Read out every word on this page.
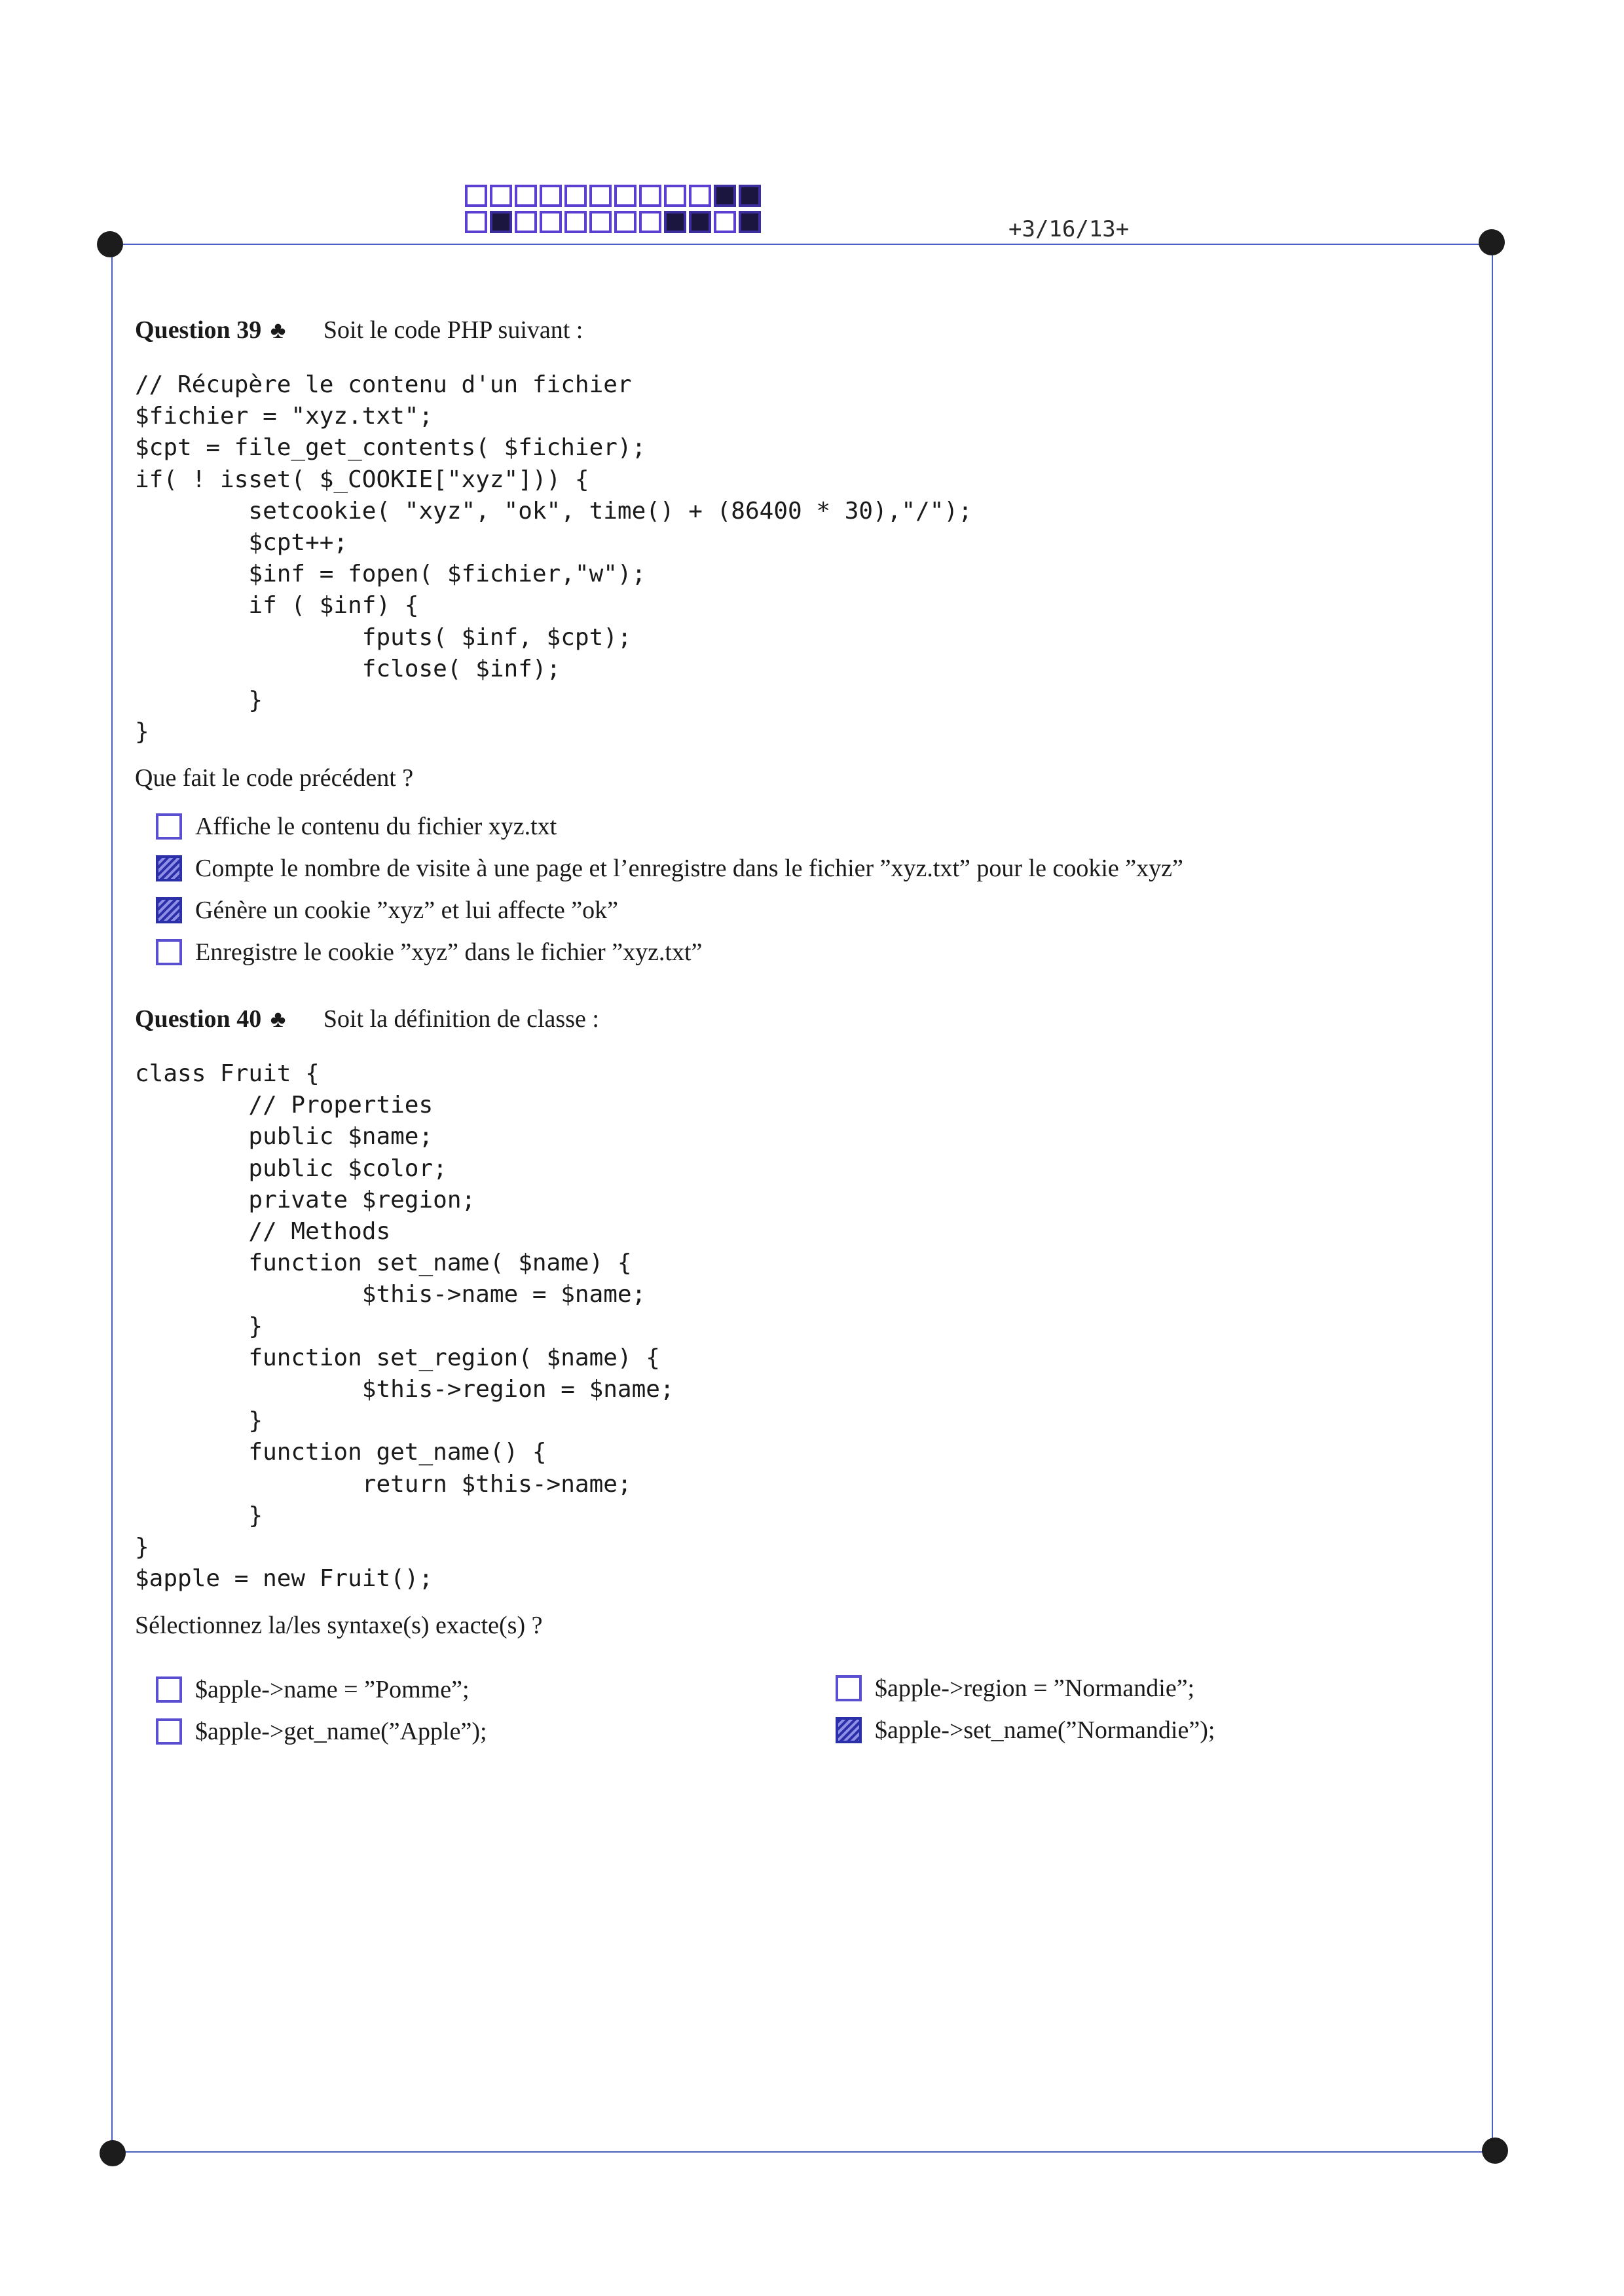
+3/16/13+
Question 39 ♣ Soit le code PHP suivant :
// Récupère le contenu d'un fichier
$fichier = "xyz.txt";
$cpt = file_get_contents( $fichier);
if( ! isset( $_COOKIE["xyz"])) {
setcookie( "xyz", "ok", time() + (86400 * 30),"/");
$cpt++;
$inf = fopen( $fichier,"w");
if ( $inf) {
fputs( $inf, $cpt);
fclose( $inf);
}
}
Que fait le code précédent ?
Affiche le contenu du fichier xyz.txt
Compte le nombre de visite à une page et l’enregistre dans le fichier ”xyz.txt” pour le cookie ”xyz”
Génère un cookie ”xyz” et lui affecte ”ok”
Enregistre le cookie ”xyz” dans le fichier ”xyz.txt”
Question 40 ♣ Soit la définition de classe :
class Fruit {
// Properties
public $name;
public $color;
private $region;
// Methods
function set_name( $name) {
$this->name = $name;
}
function set_region( $name) {
$this->region = $name;
}
function get_name() {
return $this->name;
}
}
$apple = new Fruit();
Sélectionnez la/les syntaxe(s) exacte(s) ?
$apple->name = ”Pomme”;
$apple->get_name(”Apple”);
$apple->region = ”Normandie”;
$apple->set_name(”Normandie”);
